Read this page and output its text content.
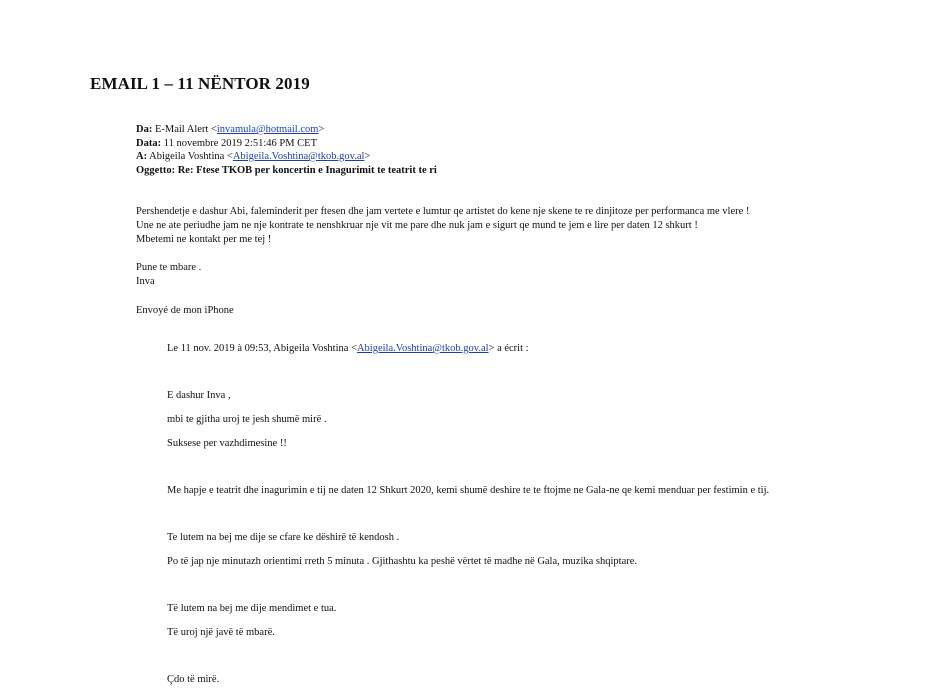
EMAIL 1 – 11 NËNTOR 2019
Da: E-Mail Alert <invamula@hotmail.com>
Data: 11 novembre 2019 2:51:46 PM CET
A: Abigeila Voshtina <Abigeila.Voshtina@tkob.gov.al>
Oggetto: Re: Ftese TKOB per koncertin e Inagurimit te teatrit te ri
Pershendetje e dashur Abi, faleminderit per ftesen dhe jam vertete e lumtur qe artistet do kene nje skene te re dinjitoze per performanca me vlere !
Une ne ate periudhe jam ne nje kontrate te nenshkruar nje vit me pare dhe nuk jam e sigurt qe mund te jem e lire per daten 12 shkurt !
Mbetemi ne kontakt per me tej !
Pune te mbare .
Inva
Envoyé de mon iPhone
Le 11 nov. 2019 à 09:53, Abigeila Voshtina <Abigeila.Voshtina@tkob.gov.al> a écrit :
E dashur Inva ,
mbi te gjitha uroj te jesh shumë mirë .
Suksese per vazhdimesine !!
Me hapje e teatrit dhe inagurimin e tij ne daten 12 Shkurt 2020, kemi shumë deshire te te ftojme ne Gala-ne qe kemi menduar per festimin e tij.
Te lutem na bej me dije se cfare ke dëshirë të kendosh .
Po të jap nje minutazh orientimi rreth 5 minuta . Gjithashtu ka peshë vërtet të madhe në Gala, muzika shqiptare.
Të lutem na bej me dije mendimet e tua.
Të uroj një javë të mbarë.
Çdo të mirë.
